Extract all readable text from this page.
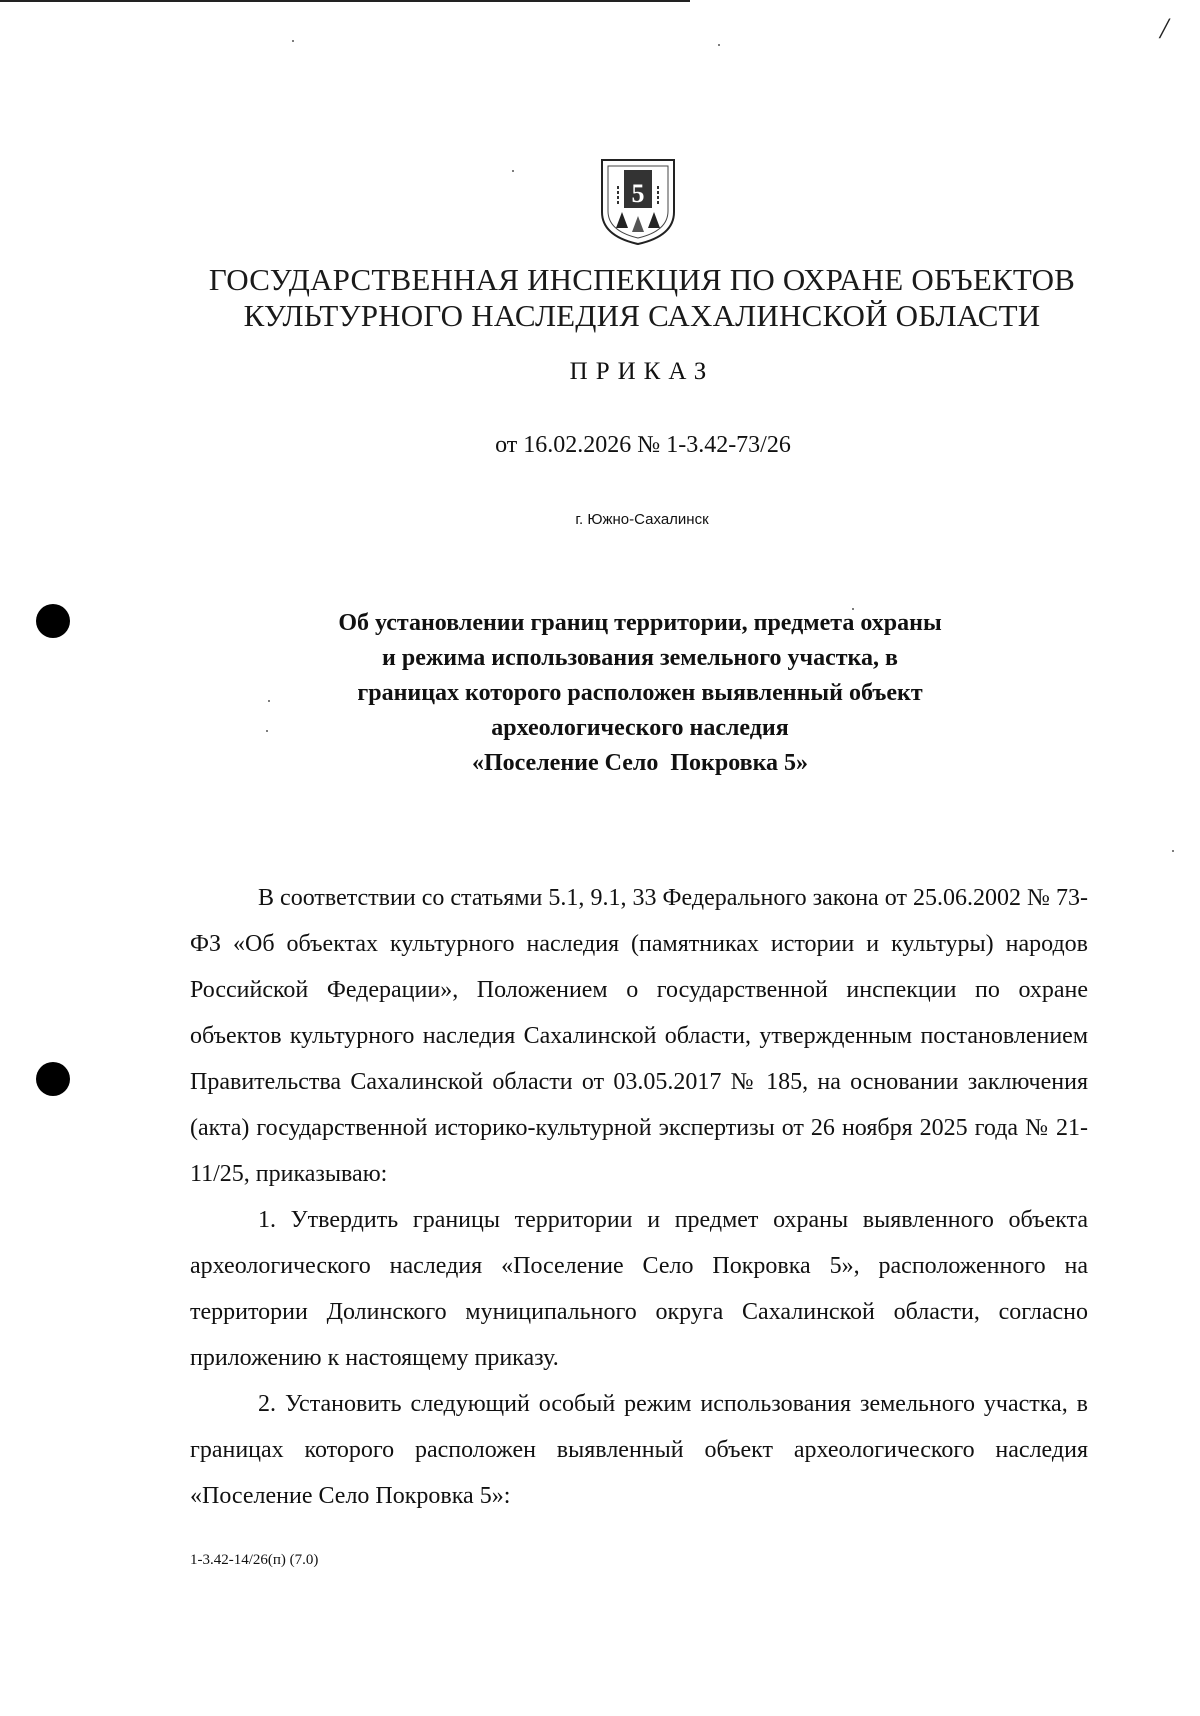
/
5
ГОСУДАРСТВЕННАЯ ИНСПЕКЦИЯ ПО ОХРАНЕ ОБЪЕКТОВ
КУЛЬТУРНОГО НАСЛЕДИЯ САХАЛИНСКОЙ ОБЛАСТИ
ПРИКАЗ
от 16.02.2026 № 1-3.42-73/26
г. Южно-Сахалинск
Об установлении границ территории, предмета охраны
и режима использования земельного участка, в
границах которого расположен выявленный объект
археологического наследия
«Поселение Село  Покровка 5»

В соответствии со статьями 5.1, 9.1, 33 Федерального закона от 25.06.2002 № 73-ФЗ «Об объектах культурного наследия (памятниках истории и культуры) народов Российской Федерации», Положением о государственной инспекции по охране объектов культурного наследия Сахалинской области, утвержденным постановлением Правительства Сахалинской области от 03.05.2017 № 185, на основании заключения (акта) государственной историко-культурной экспертизы от 26 ноября 2025 года № 21-11/25, приказываю:

1. Утвердить границы территории и предмет охраны выявленного объекта археологического наследия «Поселение Село Покровка 5», расположенного на территории Долинского муниципального округа Сахалинской области, согласно приложению к настоящему приказу.

2. Установить следующий особый режим использования земельного участка, в границах которого расположен выявленный объект археологического наследия «Поселение Село Покровка 5»:

1-3.42-14/26(п) (7.0)
